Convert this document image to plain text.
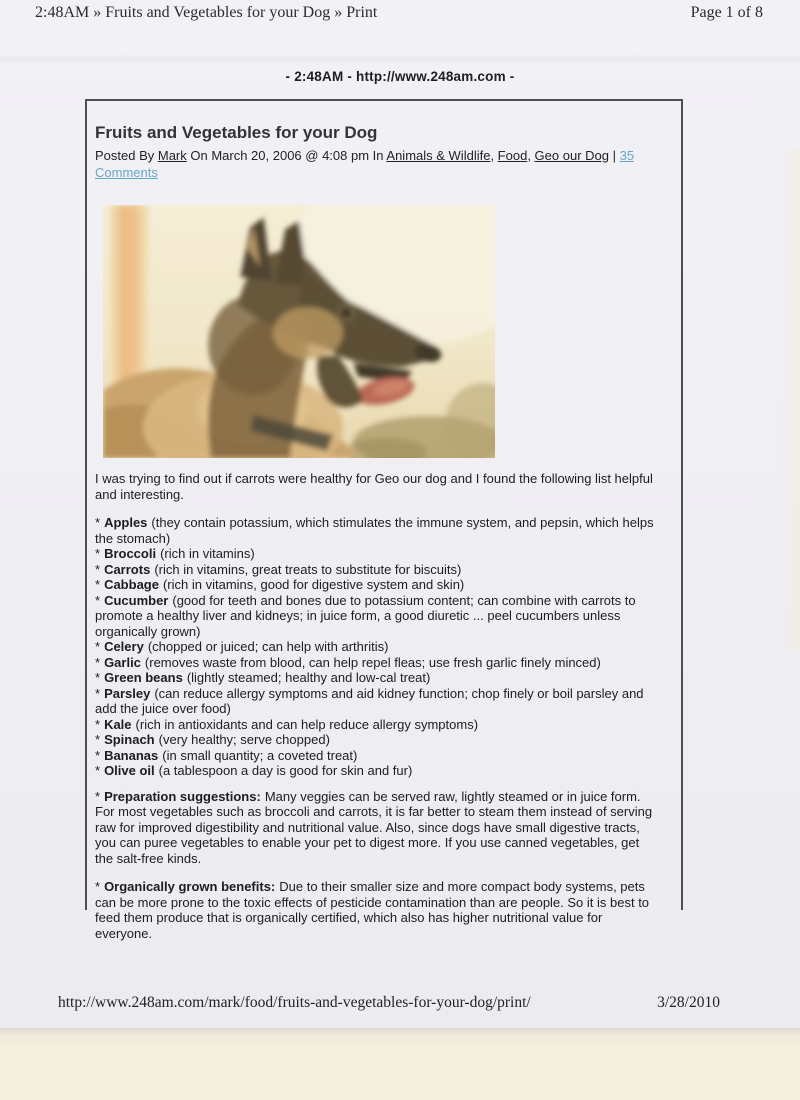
2:48AM » Fruits and Vegetables for your Dog » Print	Page 1 of 8
- 2:48AM - http://www.248am.com -
Fruits and Vegetables for your Dog
Posted By Mark On March 20, 2006 @ 4:08 pm In Animals & Wildlife, Food, Geo our Dog | 35 Comments

I was trying to find out if carrots were healthy for Geo our dog and I found the following list helpful and interesting.

* Apples (they contain potassium, which stimulates the immune system, and pepsin, which helps the stomach)
* Broccoli (rich in vitamins)
* Carrots (rich in vitamins, great treats to substitute for biscuits)
* Cabbage (rich in vitamins, good for digestive system and skin)
* Cucumber (good for teeth and bones due to potassium content; can combine with carrots to promote a healthy liver and kidneys; in juice form, a good diuretic ... peel cucumbers unless organically grown)
* Celery (chopped or juiced; can help with arthritis)
* Garlic (removes waste from blood, can help repel fleas; use fresh garlic finely minced)
* Green beans (lightly steamed; healthy and low-cal treat)
* Parsley (can reduce allergy symptoms and aid kidney function; chop finely or boil parsley and add the juice over food)
* Kale (rich in antioxidants and can help reduce allergy symptoms)
* Spinach (very healthy; serve chopped)
* Bananas (in small quantity; a coveted treat)
* Olive oil (a tablespoon a day is good for skin and fur)

* Preparation suggestions: Many veggies can be served raw, lightly steamed or in juice form. For most vegetables such as broccoli and carrots, it is far better to steam them instead of serving raw for improved digestibility and nutritional value. Also, since dogs have small digestive tracts, you can puree vegetables to enable your pet to digest more. If you use canned vegetables, get the salt-free kinds.

* Organically grown benefits: Due to their smaller size and more compact body systems, pets can be more prone to the toxic effects of pesticide contamination than are people. So it is best to feed them produce that is organically certified, which also has higher nutritional value for everyone.

http://www.248am.com/mark/food/fruits-and-vegetables-for-your-dog/print/	3/28/2010
